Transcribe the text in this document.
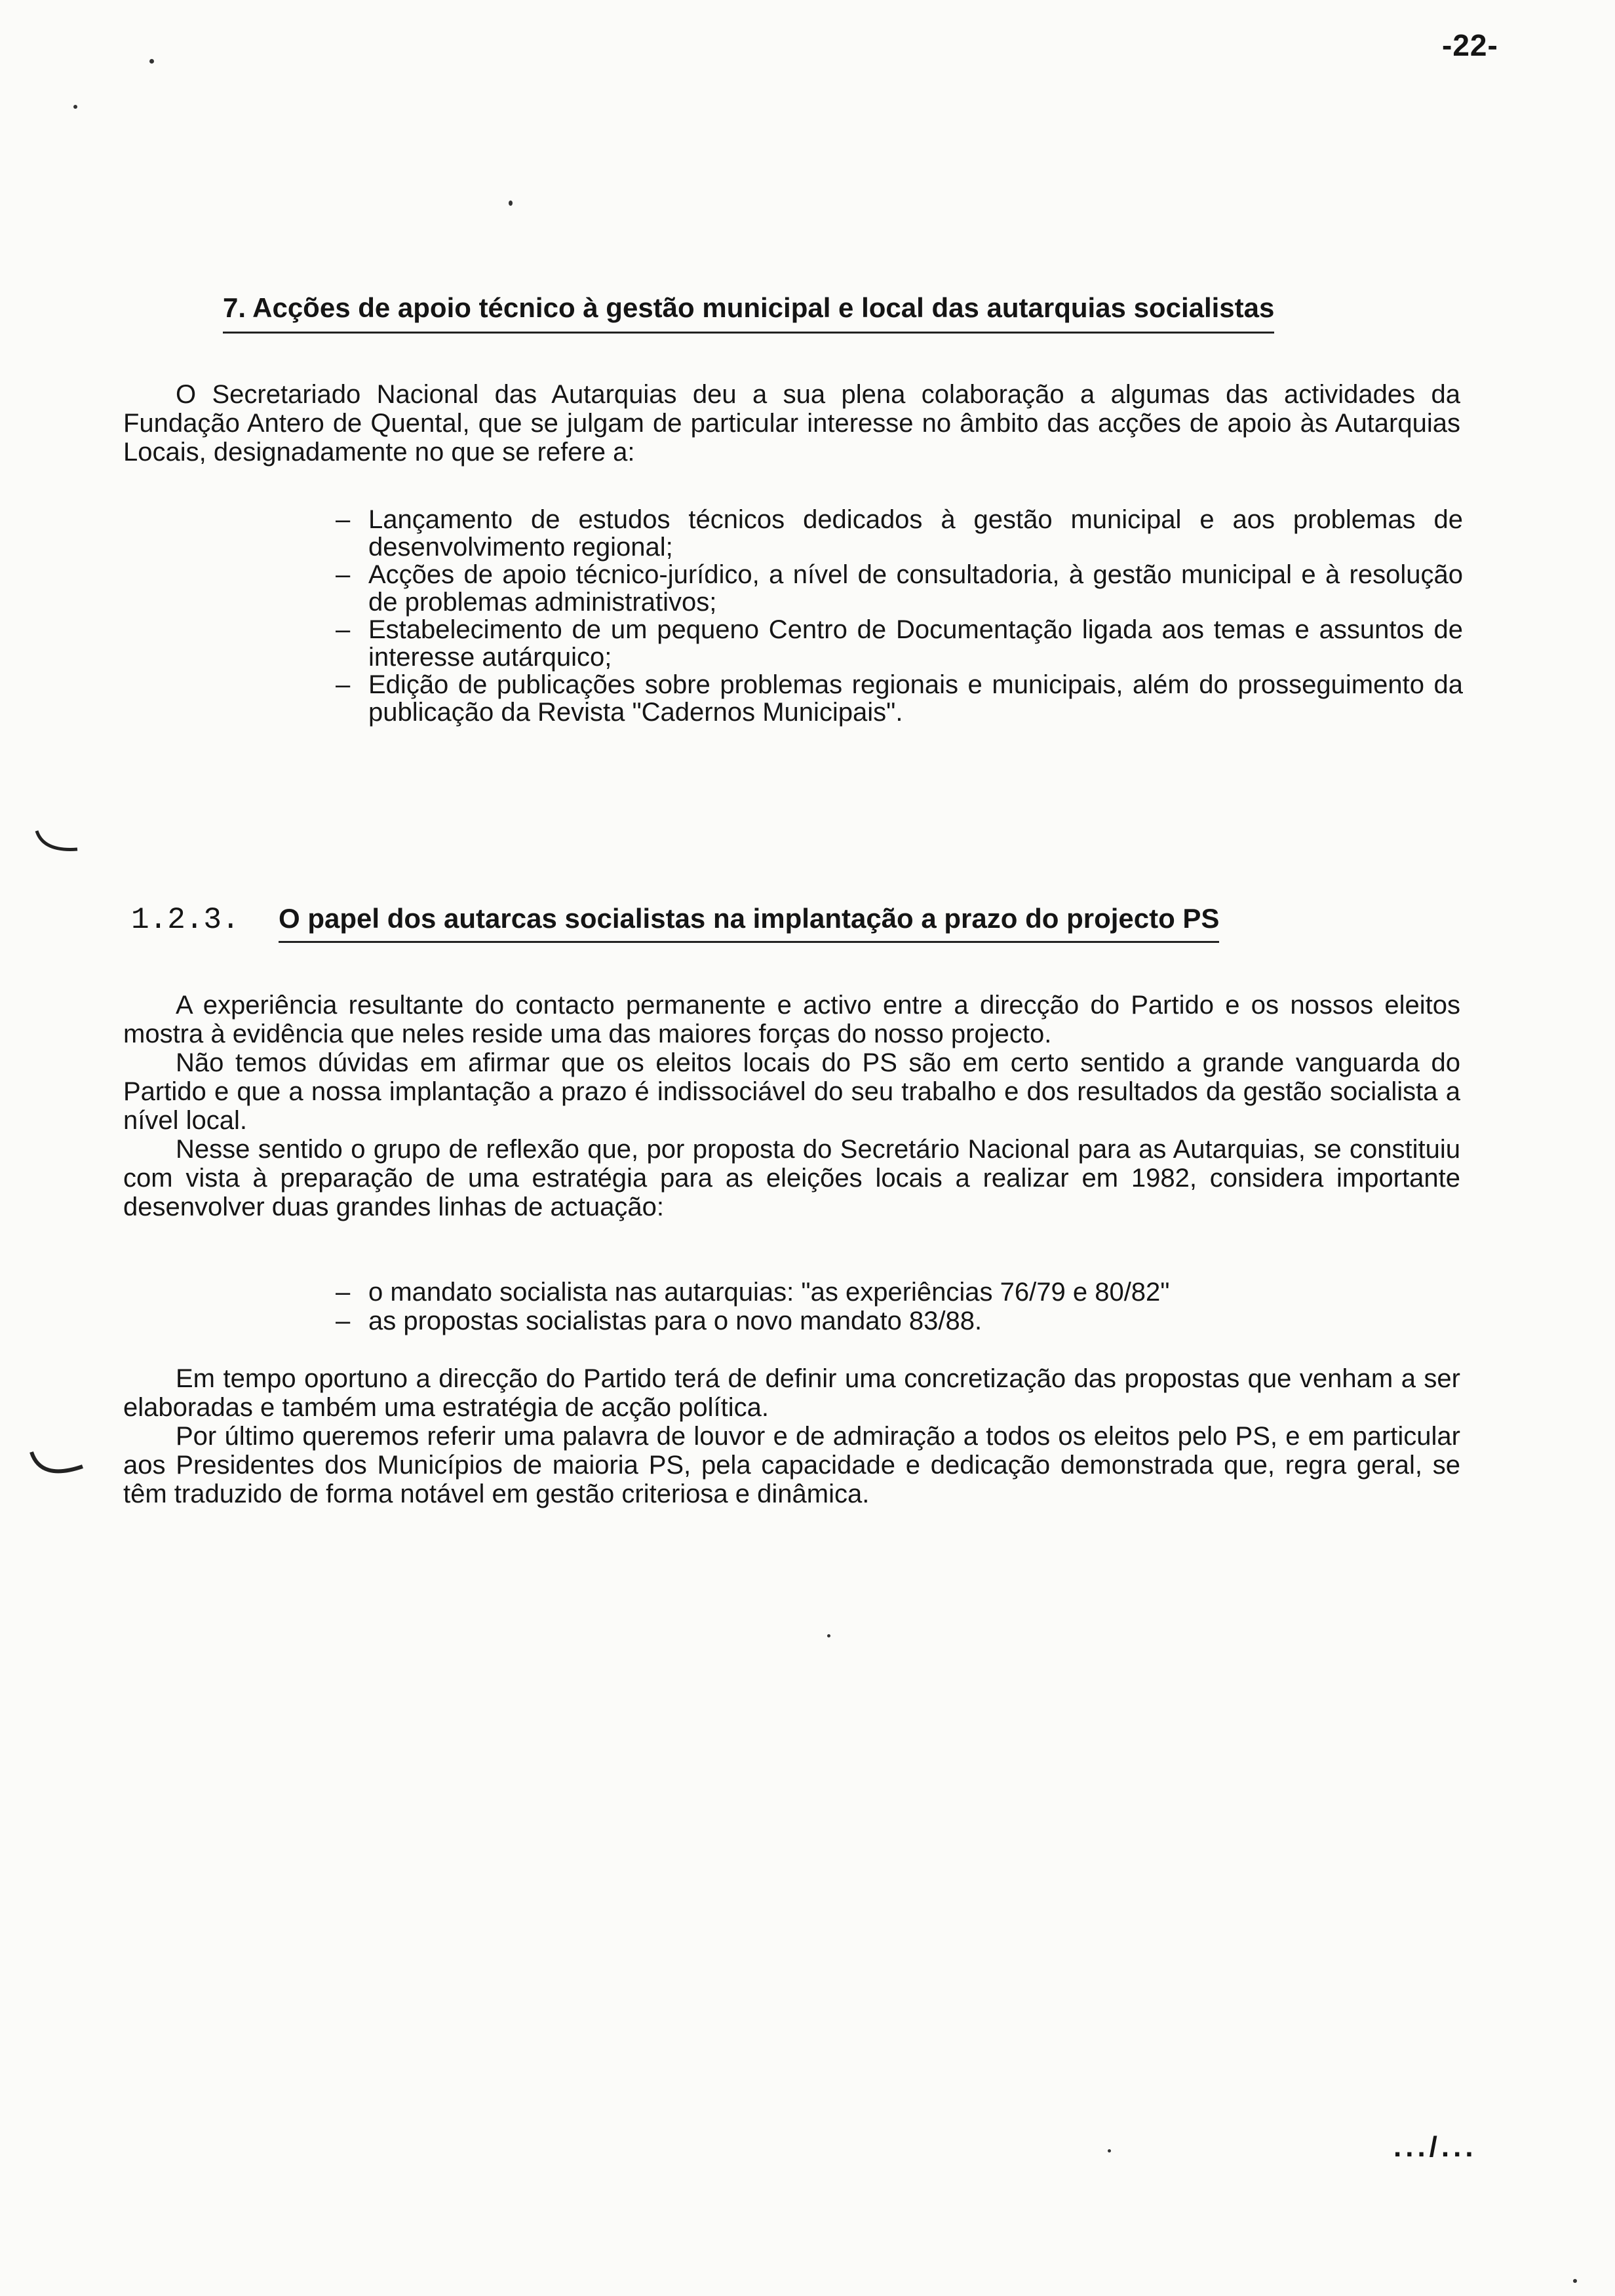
-22-
7. Acções de apoio técnico à gestão municipal e local das autarquias socialistas

O Secretariado Nacional das Autarquias deu a sua plena colaboração a algumas das actividades da Fundação Antero de Quental, que se julgam de particular interesse no âmbito das acções de apoio às Autarquias Locais, designadamente no que se refere a:

– Lançamento de estudos técnicos dedicados à gestão municipal e aos problemas de desenvolvimento regional;
– Acções de apoio técnico-jurídico, a nível de consultadoria, à gestão municipal e à resolução de problemas administrativos;
– Estabelecimento de um pequeno Centro de Documentação ligada aos temas e assuntos de interesse autárquico;
– Edição de publicações sobre problemas regionais e municipais, além do prosseguimento da publicação da Revista "Cadernos Municipais".
1.2.3. O papel dos autarcas socialistas na implantação a prazo do projecto PS

A experiência resultante do contacto permanente e activo entre a direcção do Partido e os nossos eleitos mostra à evidência que neles reside uma das maiores forças do nosso projecto.

Não temos dúvidas em afirmar que os eleitos locais do PS são em certo sentido a grande vanguarda do Partido e que a nossa implantação a prazo é indissociável do seu trabalho e dos resultados da gestão socialista a nível local.

Nesse sentido o grupo de reflexão que, por proposta do Secretário Nacional para as Autarquias, se constituiu com vista à preparação de uma estratégia para as eleições locais a realizar em 1982, considera importante desenvolver duas grandes linhas de actuação:

– o mandato socialista nas autarquias: "as experiências 76/79 e 80/82"
– as propostas socialistas para o novo mandato 83/88.

Em tempo oportuno a direcção do Partido terá de definir uma concretização das propostas que venham a ser elaboradas e também uma estratégia de acção política.

Por último queremos referir uma palavra de louvor e de admiração a todos os eleitos pelo PS, e em particular aos Presidentes dos Municípios de maioria PS, pela capacidade e dedicação demonstrada que, regra geral, se têm traduzido de forma notável em gestão criteriosa e dinâmica.

.../...
